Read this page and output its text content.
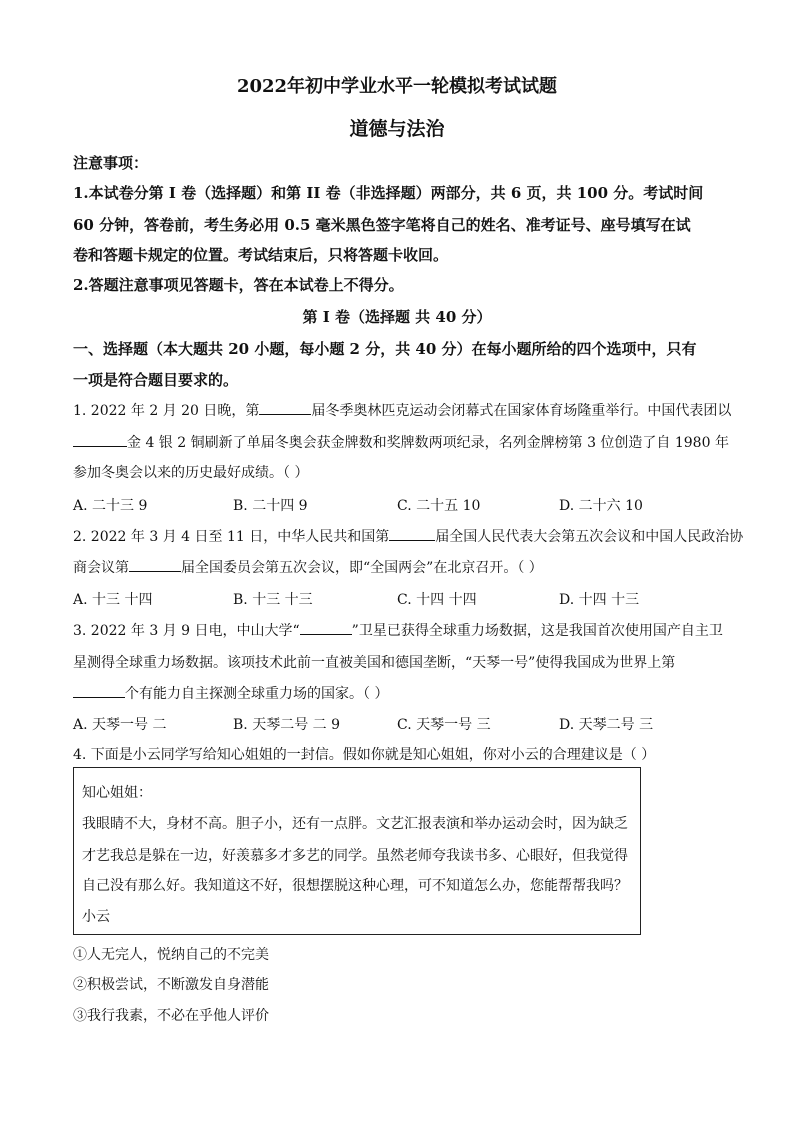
2022年初中学业水平一轮模拟考试试题
道德与法治
注意事项：
1.本试卷分第 I 卷（选择题）和第 II 卷（非选择题）两部分，共 6 页，共 100 分。考试时间
60 分钟，答卷前，考生务必用 0.5 毫米黑色签字笔将自己的姓名、准考证号、座号填写在试
卷和答题卡规定的位置。考试结束后，只将答题卡收回。
2.答题注意事项见答题卡，答在本试卷上不得分。
第 I 卷（选择题 共 40 分）
一、选择题（本大题共 20 小题，每小题 2 分，共 40 分）在每小题所给的四个选项中，只有
一项是符合题目要求的。
1. 2022 年 2 月 20 日晚，第	届冬季奥林匹克运动会闭幕式在国家体育场隆重举行。中国代表团以
金 4 银 2 铜刷新了单届冬奥会获金牌数和奖牌数两项纪录，名列金牌榜第 3 位创造了自 1980 年
参加冬奥会以来的历史最好成绩。（ ）
A. 二十三 9	B. 二十四 9	C. 二十五 10	D. 二十六 10
2. 2022 年 3 月 4 日至 11 日，中华人民共和国第	届全国人民代表大会第五次会议和中国人民政治协
商会议第	届全国委员会第五次会议，即“全国两会”在北京召开。（ ）
A. 十三 十四	B. 十三 十三	C. 十四 十四	D. 十四 十三
3. 2022 年 3 月 9 日电，中山大学“	”卫星已获得全球重力场数据，这是我国首次使用国产自主卫
星测得全球重力场数据。该项技术此前一直被美国和德国垄断，“天琴一号”使得我国成为世界上第
个有能力自主探测全球重力场的国家。（ ）
A. 天琴一号 二	B. 天琴二号 二 9	C. 天琴一号 三	D. 天琴二号 三
4. 下面是小云同学写给知心姐姐的一封信。假如你就是知心姐姐，你对小云的合理建议是（ ）
知心姐姐：
我眼睛不大，身材不高。胆子小，还有一点胖。文艺汇报表演和举办运动会时，因为缺乏
才艺我总是躲在一边，好羡慕多才多艺的同学。虽然老师夸我读书多、心眼好，但我觉得
自己没有那么好。我知道这不好，很想摆脱这种心理，可不知道怎么办，您能帮帮我吗？
小云
①人无完人，悦纳自己的不完美
②积极尝试，不断激发自身潜能
③我行我素，不必在乎他人评价
